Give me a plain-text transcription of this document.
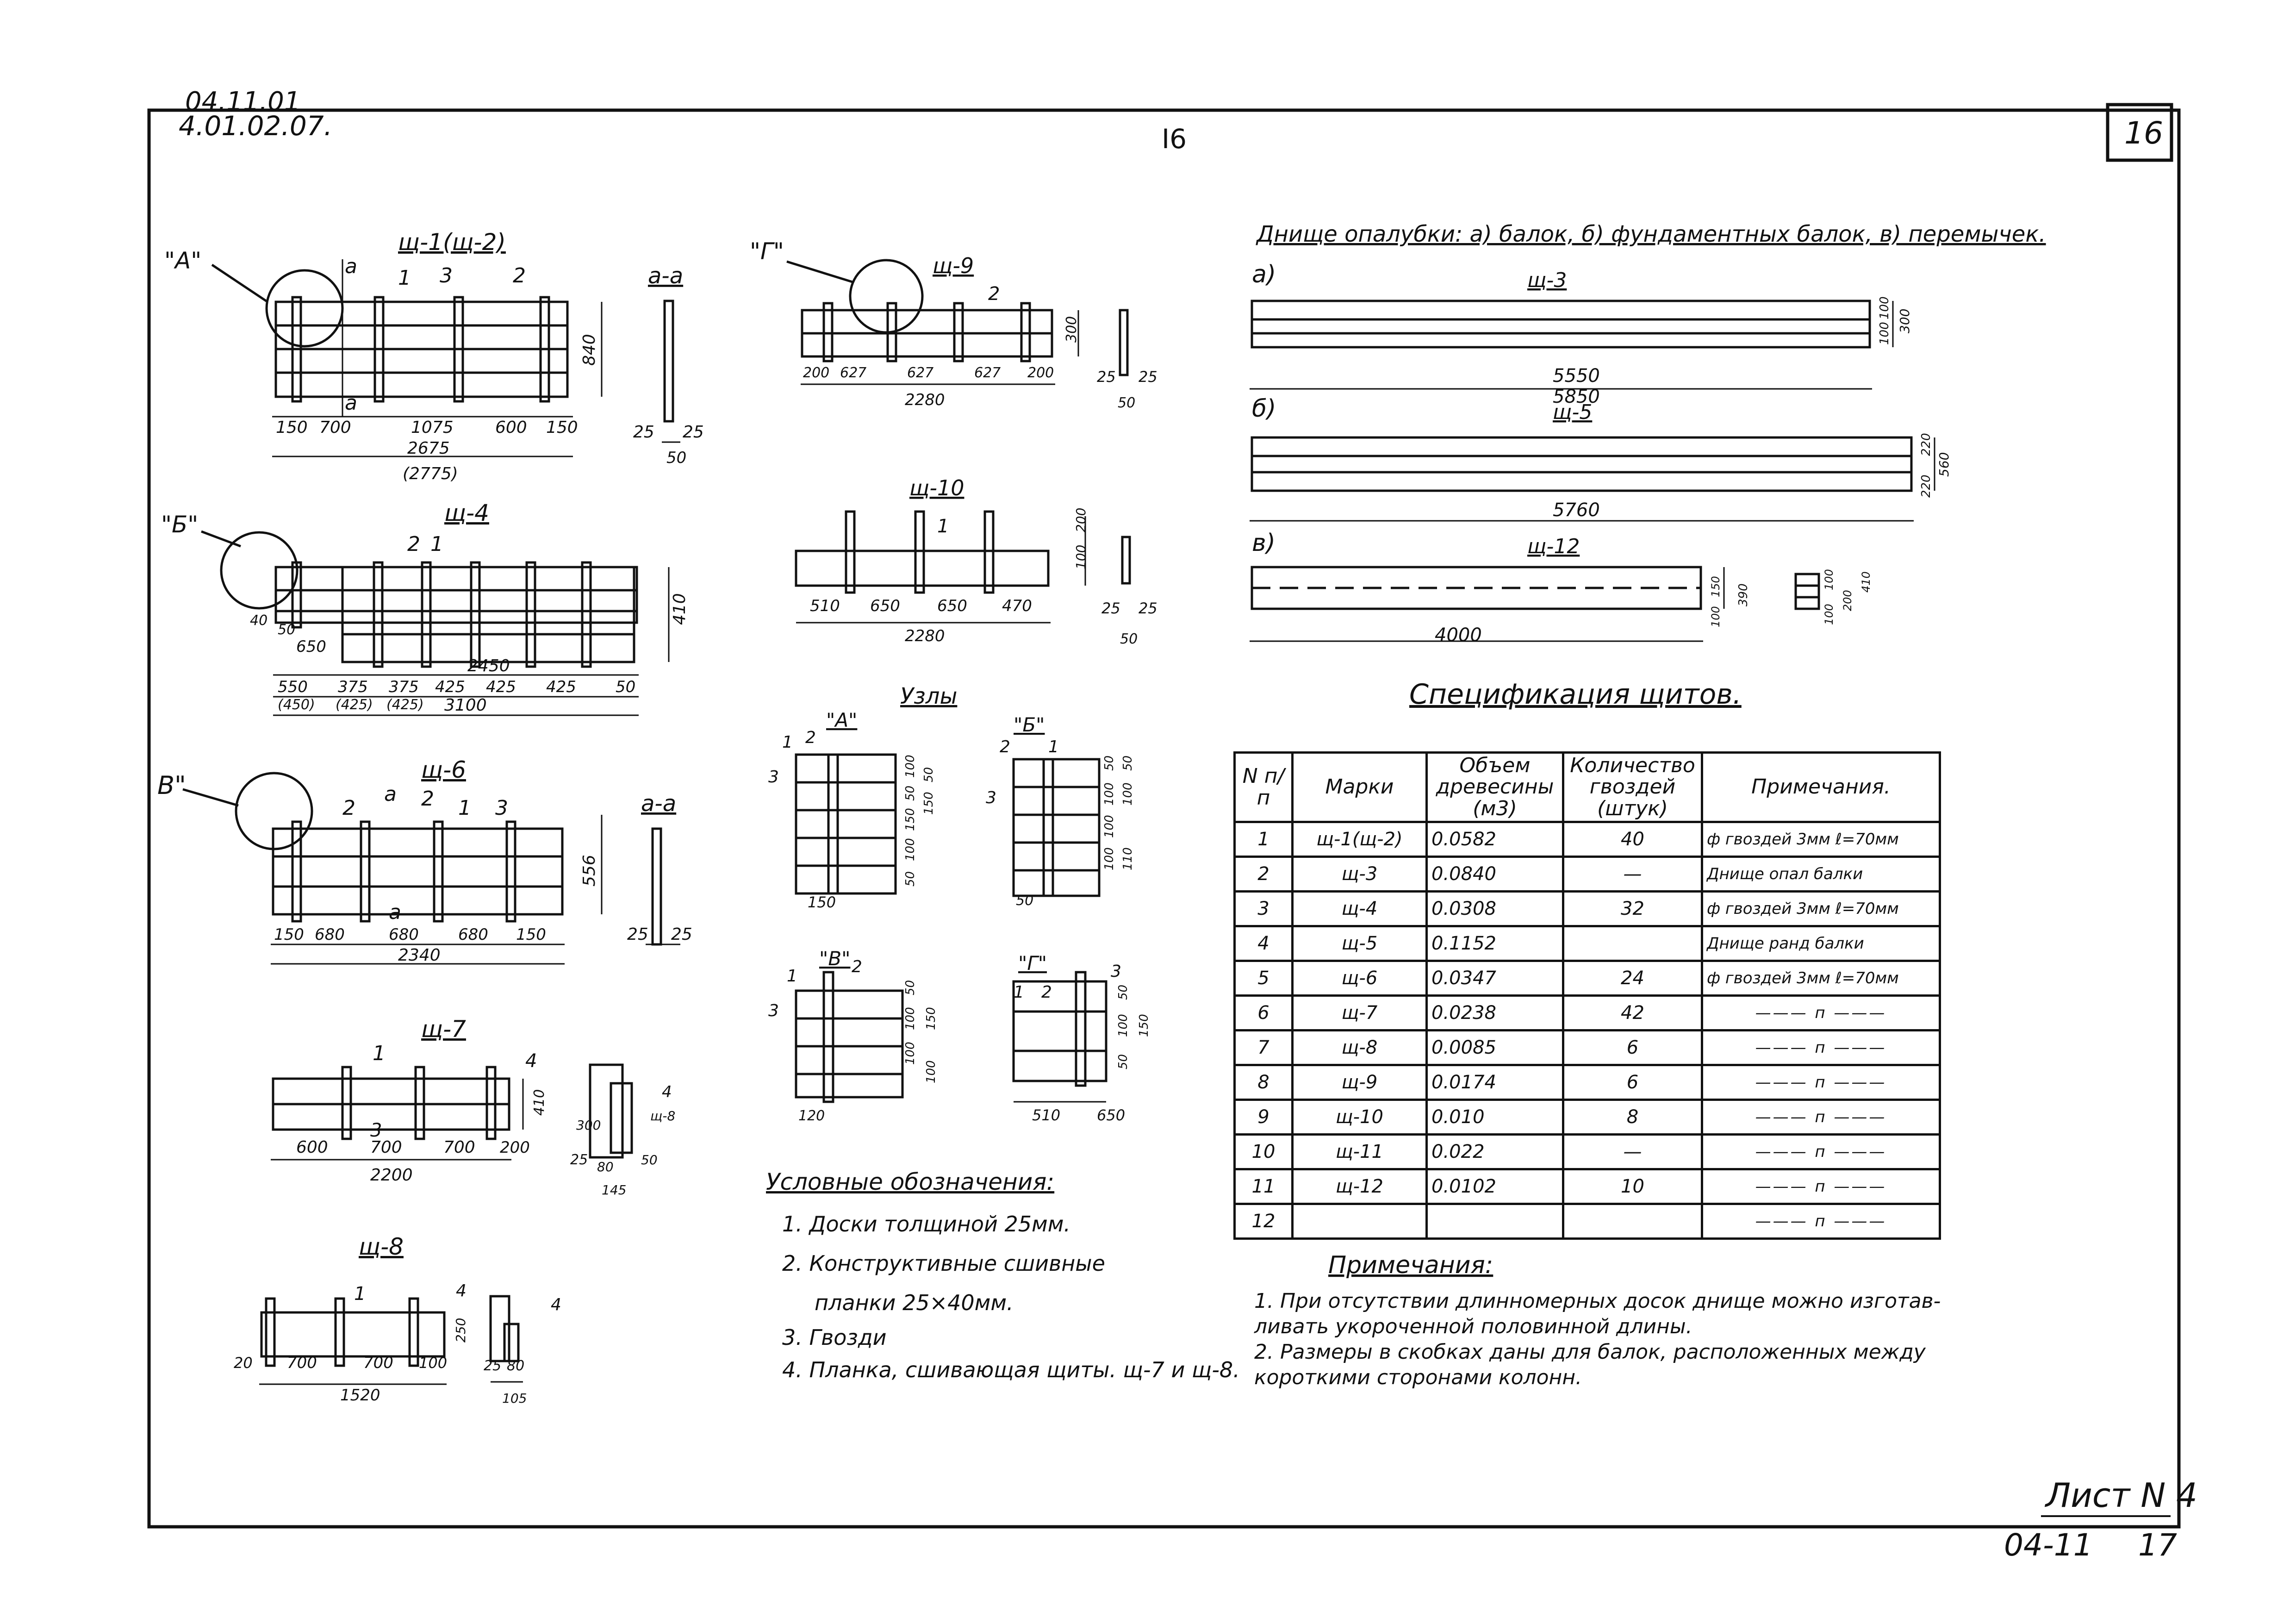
04.11.01
4.01.02.07.	I6	16
Лист N 4
04-11 17
щ-1(щ-2)
"А"
1 3	2
а
а
150 700	1075	600 150
2675
(2775)
840
а-а
25 25
50
щ-4
"Б"
2 1
650
50
40
2450
550 375 375 425 425 425	50
(450) (425) (425) 3100
410
щ-6
В"
2	2 1 3
а
а
150 680	680	680 150
2340
556
а-а
25 25
щ-7
1	4
3
600	700 700 200
2200
410	4
щ-8
25 80 50
145
300
щ-8
1	4
4
20 700	700 100
1520
250
25 80
105
щ-9
"Г"
2
200 627	627	627 200
2280
300
25 25
50
щ-10
1
510 650 650 470
2280
100
200
25 25
50
Узлы
"А"
1 2
3
150
50
100
150
50
100
150
50
"Б"
2 1
3
50
50
100
100
100
100
110
50
"В"
1	2
3
120
50
100
100
150
100
"Г"
1 2
3
50
100
50
150
510 650
Днище опалубки: а) балок, б) фундаментных балок, в) перемычек.
а)	щ-3
5550
100
100
300
б)	5850
щ-5
5760
220
220
560
в)	щ-12
4000
100
150 390
100
100
200
410
Спецификация щитов.
Условные обозначения:
1. Доски толщиной 25мм.
2. Конструктивные сшивные
планки 25×40мм.
3. Гвозди
4. Планка, сшивающая щиты. щ-7 и щ-8.
Примечания:
1. При отсутствии длинномерных досок днище можно изготав-
ливать укороченной половинной длины.
2. Размеры в скобках даны для балок, расположенных между
короткими сторонами колонн.
N п/п	Марки	Объем древесины (м3)	Количество гвоздей (штук)	Примечания.
1	щ-1(щ-2)	0.0582	40	ф гвоздей 3мм ℓ=70мм
2	щ-3	0.0840	—	Днище опал балки
3	щ-4	0.0308	32	ф гвоздей 3мм ℓ=70мм
4	щ-5	0.1152		Днище ранд балки
5	щ-6	0.0347	24	ф гвоздей 3мм ℓ=70мм
6	щ-7	0.0238	42	——— п ———
7	щ-8	0.0085	6	——— п ———
8	щ-9	0.0174	6	——— п ———
9	щ-10	0.010	8	——— п ———
10	щ-11	0.022	—	——— п ———
11	щ-12	0.0102	10	——— п ———
12				——— п ———
